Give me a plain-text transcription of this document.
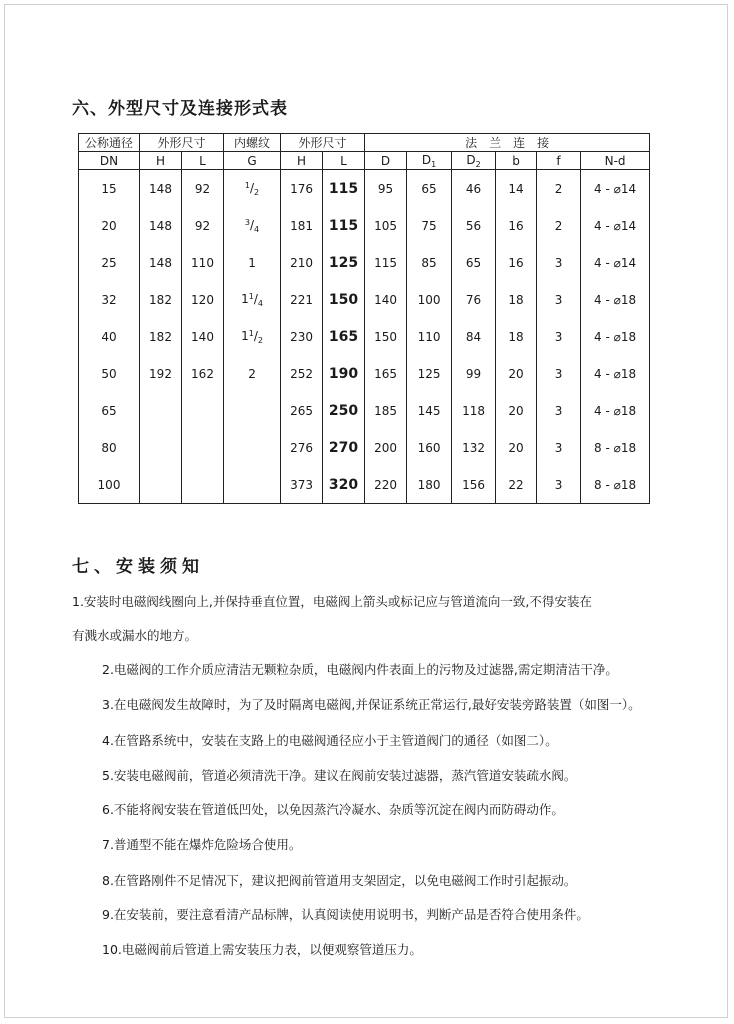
六、外型尺寸及连接形式表
公称通径	外形尺寸		内螺纹	外形尺寸		法　兰　连　接					
DN	H	L	G	H	L	D	$D_1$	$D_2$	b	f	N-d
15	148	92	$^1/_2$	176	115	95	65	46	14	2	4 - ⌀14
20	148	92	$^3/_4$	181	115	105	75	56	16	2	4 - ⌀14
25	148	110	1	210	125	115	85	65	16	3	4 - ⌀14
32	182	120	$1^1/_4$	221	150	140	100	76	18	3	4 - ⌀18
40	182	140	$1^1/_2$	230	165	150	110	84	18	3	4 - ⌀18
50	192	162	2	252	190	165	125	99	20	3	4 - ⌀18
65				265	250	185	145	118	20	3	4 - ⌀18
80				276	270	200	160	132	20	3	8 - ⌀18
100				373	320	220	180	156	22	3	8 - ⌀18
七、安装须知
1.安装时电磁阀线圈向上,并保持垂直位置，电磁阀上箭头或标记应与管道流向一致,不得安装在
有溅水或漏水的地方。
2.电磁阀的工作介质应清洁无颗粒杂质，电磁阀内件表面上的污物及过滤器,需定期清洁干净。
3.在电磁阀发生故障时，为了及时隔离电磁阀,并保证系统正常运行,最好安装旁路装置（如图一）。
4.在管路系统中，安装在支路上的电磁阀通径应小于主管道阀门的通径（如图二）。
5.安装电磁阀前，管道必须清洗干净。建议在阀前安装过滤器，蒸汽管道安装疏水阀。
6.不能将阀安装在管道低凹处，以免因蒸汽冷凝水、杂质等沉淀在阀内而防碍动作。
7.普通型不能在爆炸危险场合使用。
8.在管路刚件不足情况下，建议把阀前管道用支架固定，以免电磁阀工作时引起振动。
9.在安装前，要注意看清产品标牌，认真阅读使用说明书，判断产品是否符合使用条件。
10.电磁阀前后管道上需安装压力表，以便观察管道压力。
